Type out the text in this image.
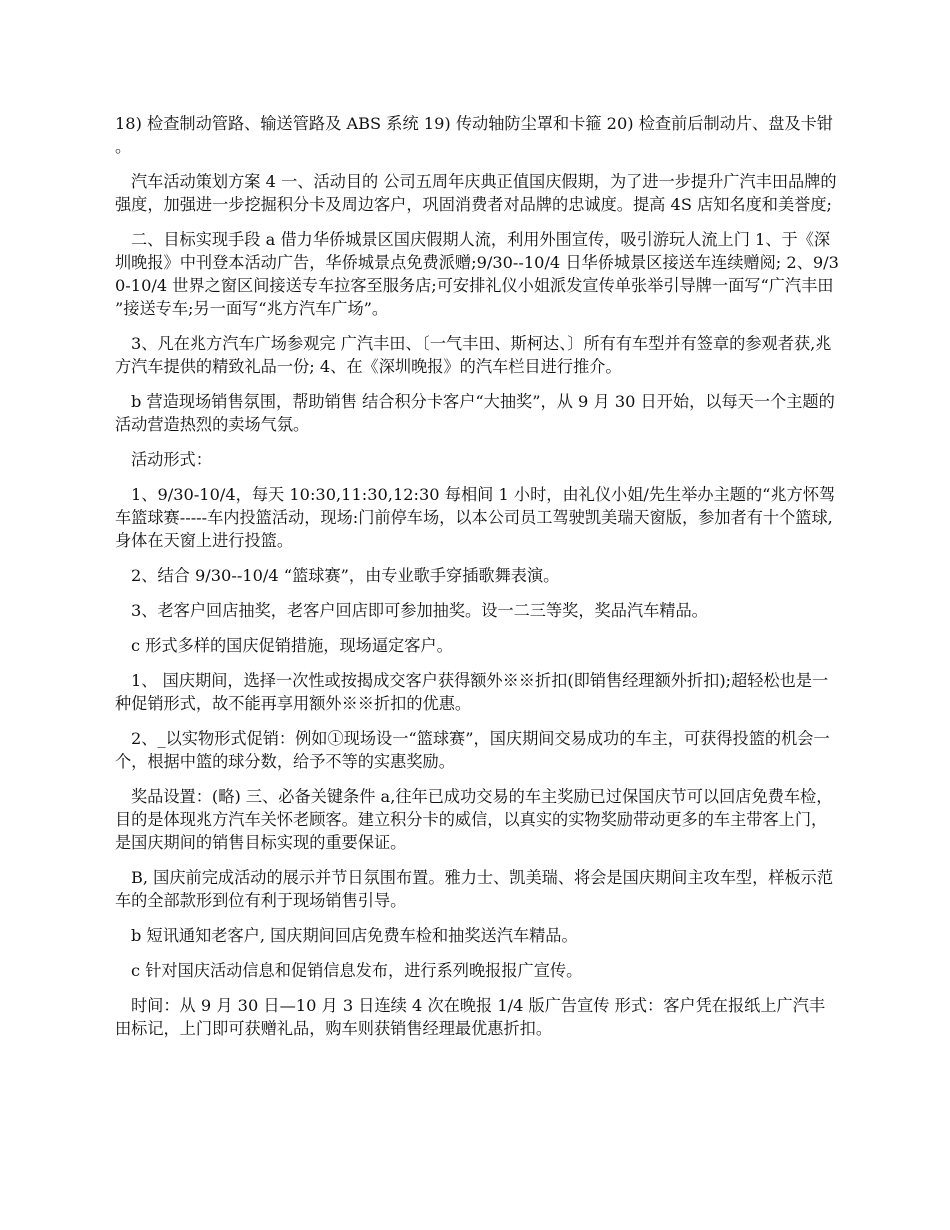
18) 检查制动管路、输送管路及 ABS 系统 19) 传动轴防尘罩和卡箍 20) 检查前后制动片、盘及卡钳。

汽车活动策划方案 4 一、活动目的 公司五周年庆典正值国庆假期，为了进一步提升广汽丰田品牌的强度，加强进一步挖掘积分卡及周边客户，巩固消费者对品牌的忠诚度。提高 4S 店知名度和美誉度;

二、目标实现手段 a 借力华侨城景区国庆假期人流，利用外围宣传，吸引游玩人流上门 1、于《深圳晚报》中刊登本活动广告，华侨城景点免费派赠;9/30--10/4 日华侨城景区接送车连续赠阅; 2、9/30-10/4 世界之窗区间接送专车拉客至服务店;可安排礼仪小姐派发宣传单张举引导牌一面写“广汽丰田”接送专车;另一面写“兆方汽车广场”。

3、凡在兆方汽车广场参观完 广汽丰田、〔一气丰田、斯柯达、〕所有有车型并有签章的参观者获,兆方汽车提供的精致礼品一份; 4、在《深圳晚报》的汽车栏目进行推介。

b 营造现场销售氛围，帮助销售 结合积分卡客户“大抽奖”，从 9 月 30 日开始，以每天一个主题的活动营造热烈的卖场气氛。

活动形式：

1、9/30-10/4，每天 10:30,11:30,12:30 每相间 1 小时，由礼仪小姐/先生举办主题的“兆方怀驾车篮球赛-----车内投篮活动，现场:门前停车场，以本公司员工驾驶凯美瑞天窗版，参加者有十个篮球,身体在天窗上进行投篮。

2、结合 9/30--10/4 “篮球赛”，由专业歌手穿插歌舞表演。

3、老客户回店抽奖，老客户回店即可参加抽奖。设一二三等奖，奖品汽车精品。

c 形式多样的国庆促销措施，现场逼定客户。

1、 国庆期间，选择一次性或按揭成交客户获得额外※※折扣(即销售经理额外折扣);超轻松也是一种促销形式，故不能再享用额外※※折扣的优惠。

2、_以实物形式促销：例如①现场设一“篮球赛”，国庆期间交易成功的车主，可获得投篮的机会一个，根据中篮的球分数，给予不等的实惠奖励。

奖品设置：(略) 三、必备关键条件 a,往年已成功交易的车主奖励已过保国庆节可以回店免费车检，目的是体现兆方汽车关怀老顾客。建立积分卡的威信，以真实的实物奖励带动更多的车主带客上门，是国庆期间的销售目标实现的重要保证。

B, 国庆前完成活动的展示并节日氛围布置。雅力士、凯美瑞、将会是国庆期间主攻车型，样板示范车的全部款形到位有利于现场销售引导。

b 短讯通知老客户, 国庆期间回店免费车检和抽奖送汽车精品。

c 针对国庆活动信息和促销信息发布，进行系列晚报报广宣传。

时间：从 9 月 30 日—10 月 3 日连续 4 次在晚报 1/4 版广告宣传 形式：客户凭在报纸上广汽丰田标记，上门即可获赠礼品，购车则获销售经理最优惠折扣。
